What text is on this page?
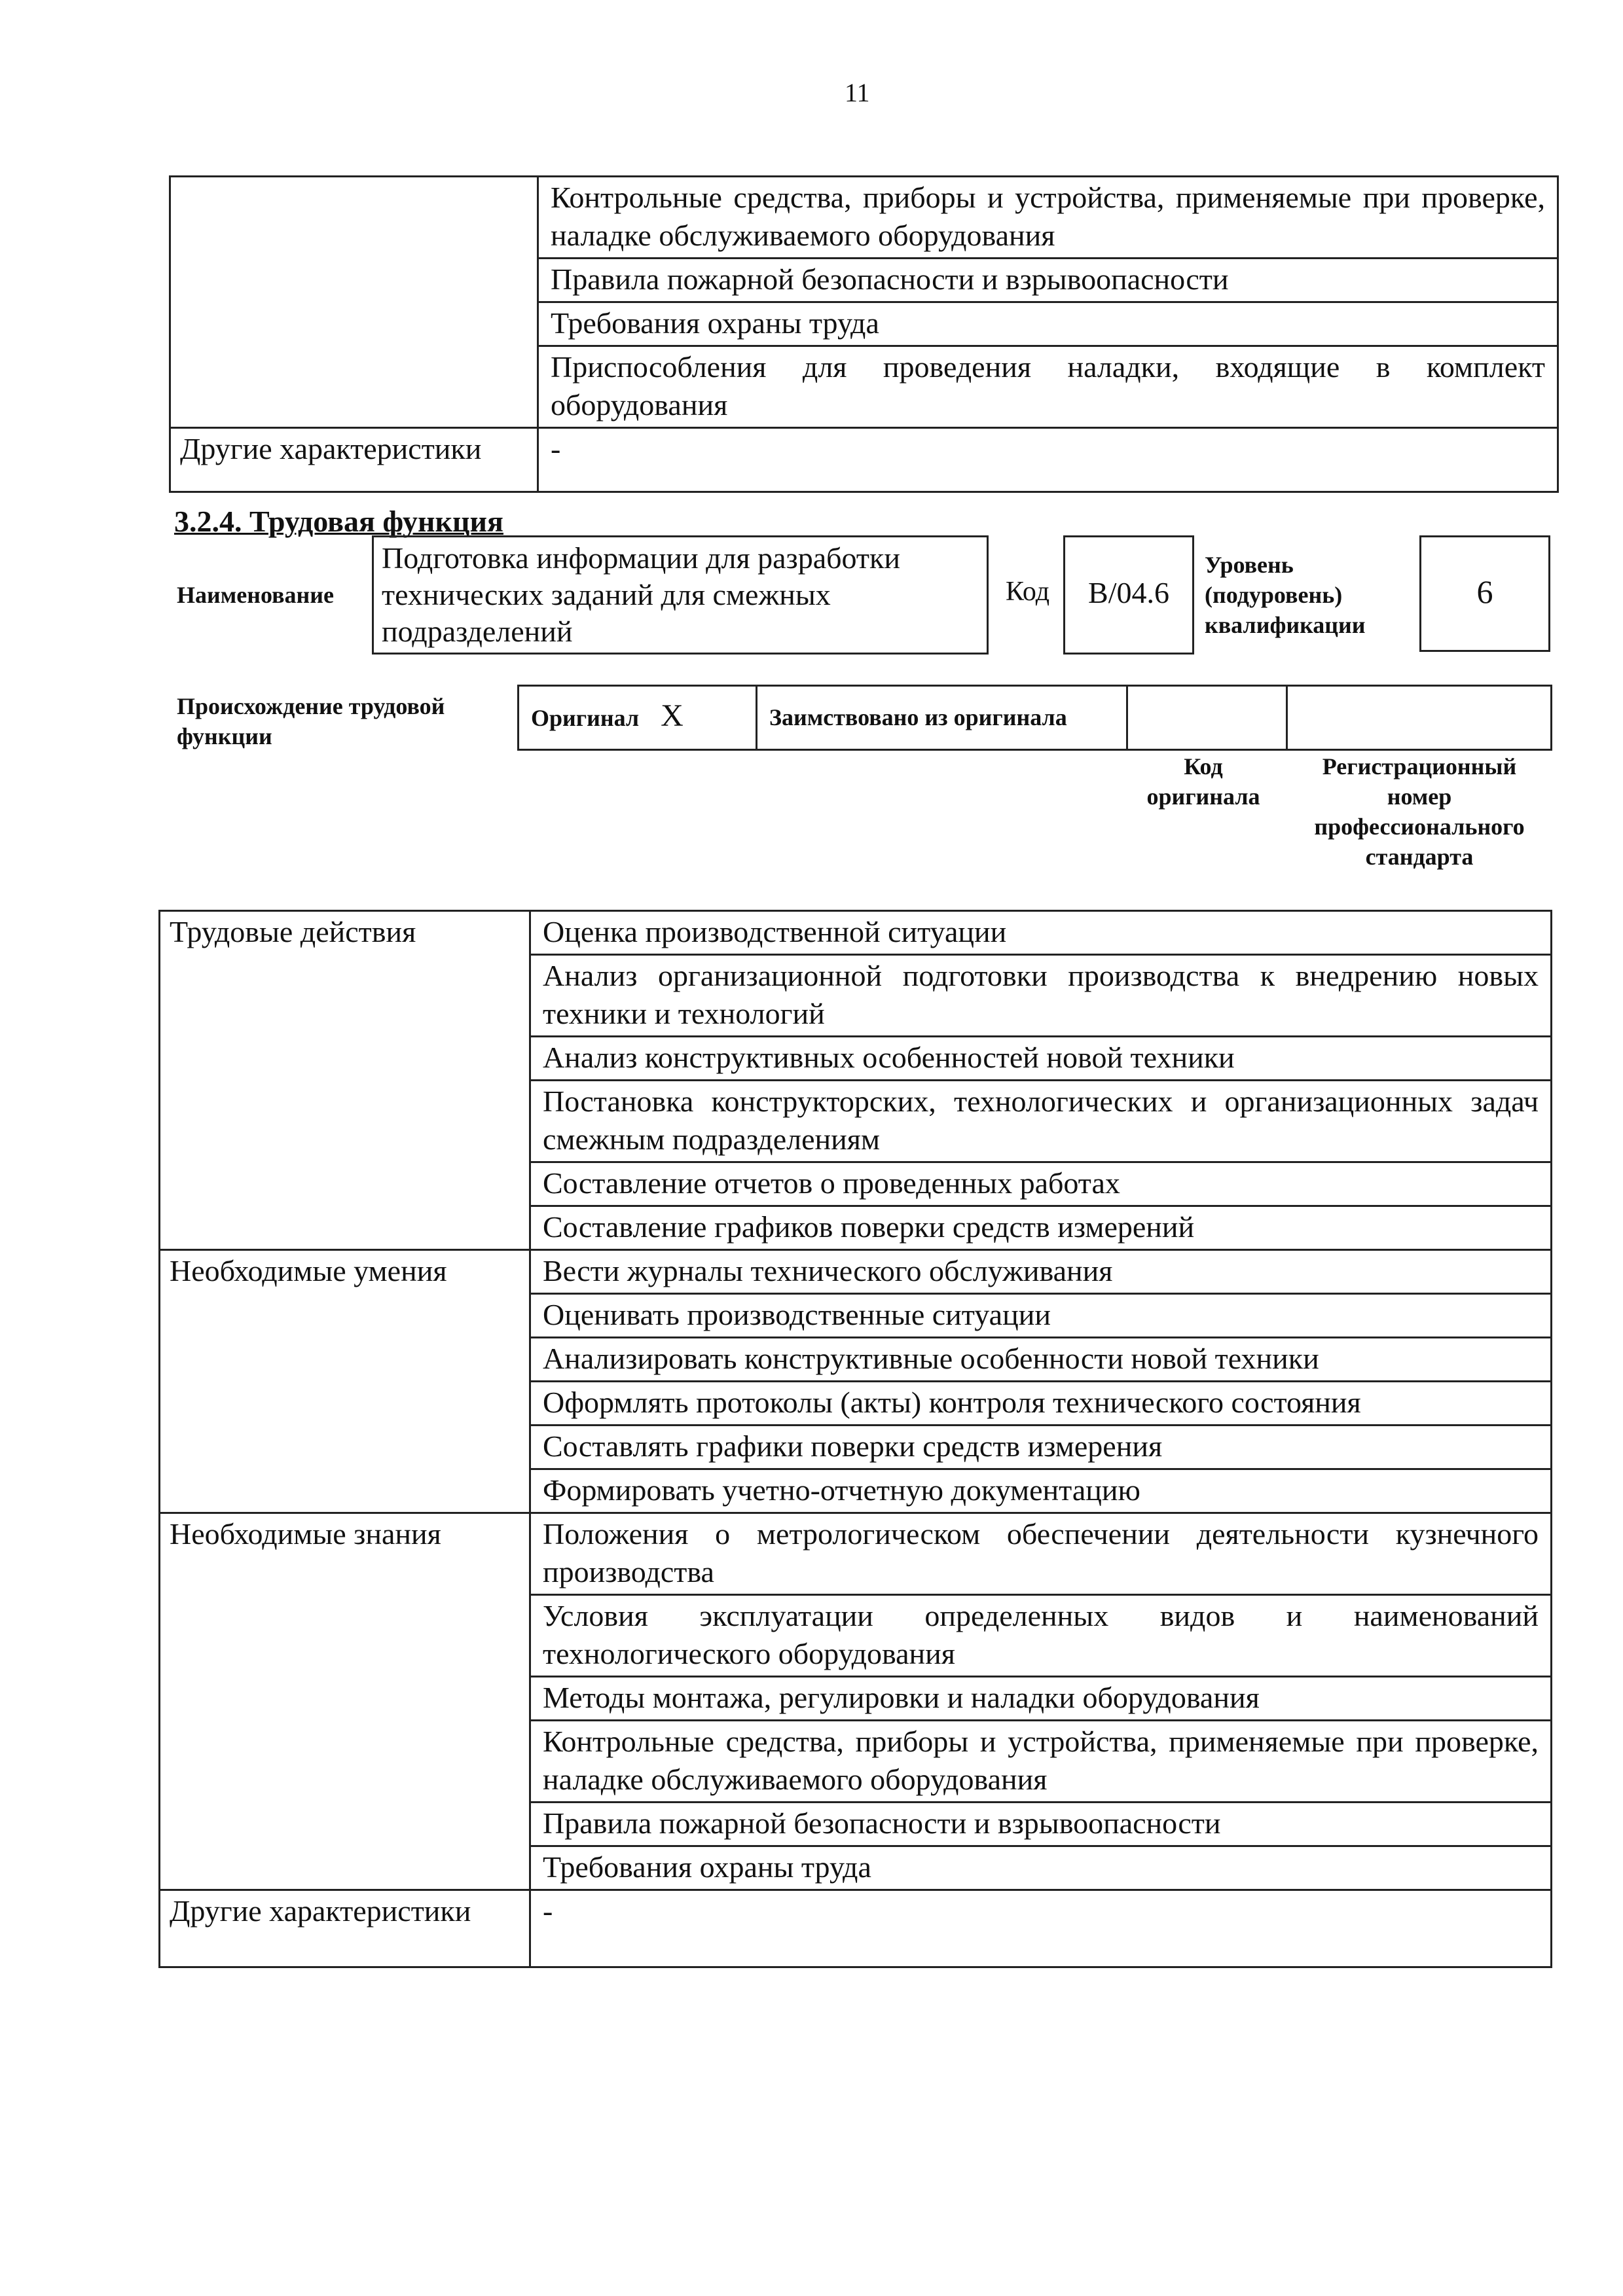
11
	Контрольные средства, приборы и устройства, применяемые при проверке, наладке обслуживаемого оборудования
	Правила пожарной безопасности и взрывоопасности
	Требования охраны труда
	Приспособления для проведения наладки, входящие в комплект оборудования
Другие характеристики	-
3.2.4. Трудовая функция
Наименование
Подготовка информации для разработки технических заданий для смежных подразделений
Код	B/04.6
Уровень (подуровень) квалификации
6
Происхождение трудовой функции
Оригинал X	Заимствовано из оригинала		
Код оригинала
Регистрационный номер профессионального стандарта
Трудовые действия	Оценка производственной ситуации
	Анализ организационной подготовки производства к внедрению новых техники и технологий
	Анализ конструктивных особенностей новой техники
	Постановка конструкторских, технологических и организационных задач смежным подразделениям
	Составление отчетов о проведенных работах
	Составление графиков поверки средств измерений
Необходимые умения	Вести журналы технического обслуживания
	Оценивать производственные ситуации
	Анализировать конструктивные особенности новой техники
	Оформлять протоколы (акты) контроля технического состояния
	Составлять графики поверки средств измерения
	Формировать учетно-отчетную документацию
Необходимые знания	Положения о метрологическом обеспечении деятельности кузнечного производства
	Условия эксплуатации определенных видов и наименований технологического оборудования
	Методы монтажа, регулировки и наладки оборудования
	Контрольные средства, приборы и устройства, применяемые при проверке, наладке обслуживаемого оборудования
	Правила пожарной безопасности и взрывоопасности
	Требования охраны труда
Другие характеристики	-
